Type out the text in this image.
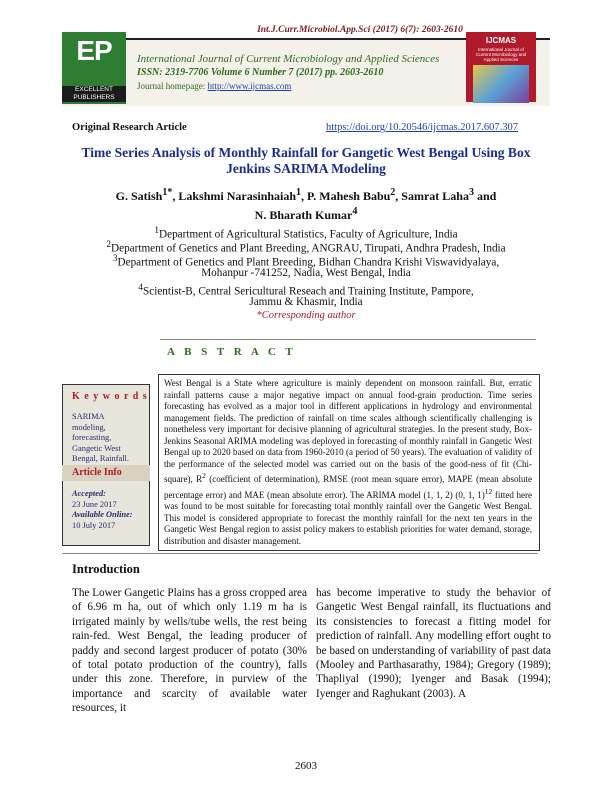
Int.J.Curr.Microbiol.App.Sci (2017) 6(7): 2603-2610
EP
EXCELLENT PUBLISHERS
International Journal of Current Microbiology and Applied Sciences
ISSN: 2319-7706 Volume 6 Number 7 (2017) pp. 2603-2610
Journal homepage: http://www.ijcmas.com
IJCMAS
International Journal of Current Microbiology and Applied Sciences
Original Research Article	https://doi.org/10.20546/ijcmas.2017.607.307
Time Series Analysis of Monthly Rainfall for Gangetic West Bengal Using Box
Jenkins SARIMA Modeling
G. Satish$^{1*}$, Lakshmi Narasinhaiah$^1$, P. Mahesh Babu$^2$, Samrat Laha$^3$ and
N. Bharath Kumar$^4$
$^1$Department of Agricultural Statistics, Faculty of Agriculture, India
$^2$Department of Genetics and Plant Breeding, ANGRAU, Tirupati, Andhra Pradesh, India
$^3$Department of Genetics and Plant Breeding, Bidhan Chandra Krishi Viswavidyalaya,
Mohanpur -741252, Nadia, West Bengal, India
$^4$Scientist-B, Central Sericultural Reseach and Training Institute, Pampore,
Jammu & Khasmir, India
*Corresponding author
A B S T R A C T
K e y w o r d s
SARIMA
modeling,
forecasting,
Gangetic West
Bengal, Rainfall.
Article Info
Accepted:
23 June 2017
Available Online:
10 July 2017

West Bengal is a State where agriculture is mainly dependent on monsoon rainfall. But, erratic rainfall patterns cause a major negative impact on annual food-grain production. Time series forecasting has evolved as a major tool in different applications in hydrology and environmental management fields. The prediction of rainfall on time scales although scientifically challenging is nonetheless very important for decisive planning of agricultural strategies. In the present study, Box-Jenkins Seasonal ARIMA modeling was deployed in forecasting of monthly rainfall in Gangetic West Bengal up to 2020 based on data from 1960-2010 (a period of 50 years). The evaluation of validity of the performance of the selected model was carried out on the basis of the good-ness of fit (Chi-square), $R^2$ (coefficient of determination), RMSE (root mean square error), MAPE (mean absolute percentage error) and MAE (mean absolute error). The ARIMA model (1, 1, 2) (0, 1, 1)$^{12}$ fitted here was found to be most suitable for forecasting total monthly rainfall over the Gangetic West Bengal. This model is considered appropriate to forecast the monthly rainfall for the next ten years in the Gangetic West Bengal region to assist policy makers to establish priorities for water demand, storage, distribution and disaster management.

Introduction
The Lower Gangetic Plains has a gross cropped area of 6.96 m ha, out of which only 1.19 m ha is irrigated mainly by wells/tube wells, the rest being rain-fed. West Bengal, the leading producer of paddy and second largest producer of potato (30% of total potato production of the country), falls under this zone. Therefore, in purview of the importance and scarcity of available water resources, it
has become imperative to study the behavior of Gangetic West Bengal rainfall, its fluctuations and its consistencies to forecast a fitting model for prediction of rainfall. Any modelling effort ought to be based on understanding of variability of past data (Mooley and Parthasarathy, 1984); Gregory (1989); Thapliyal (1990); Iyenger and Basak (1994); Iyenger and Raghukant (2003). A
2603
